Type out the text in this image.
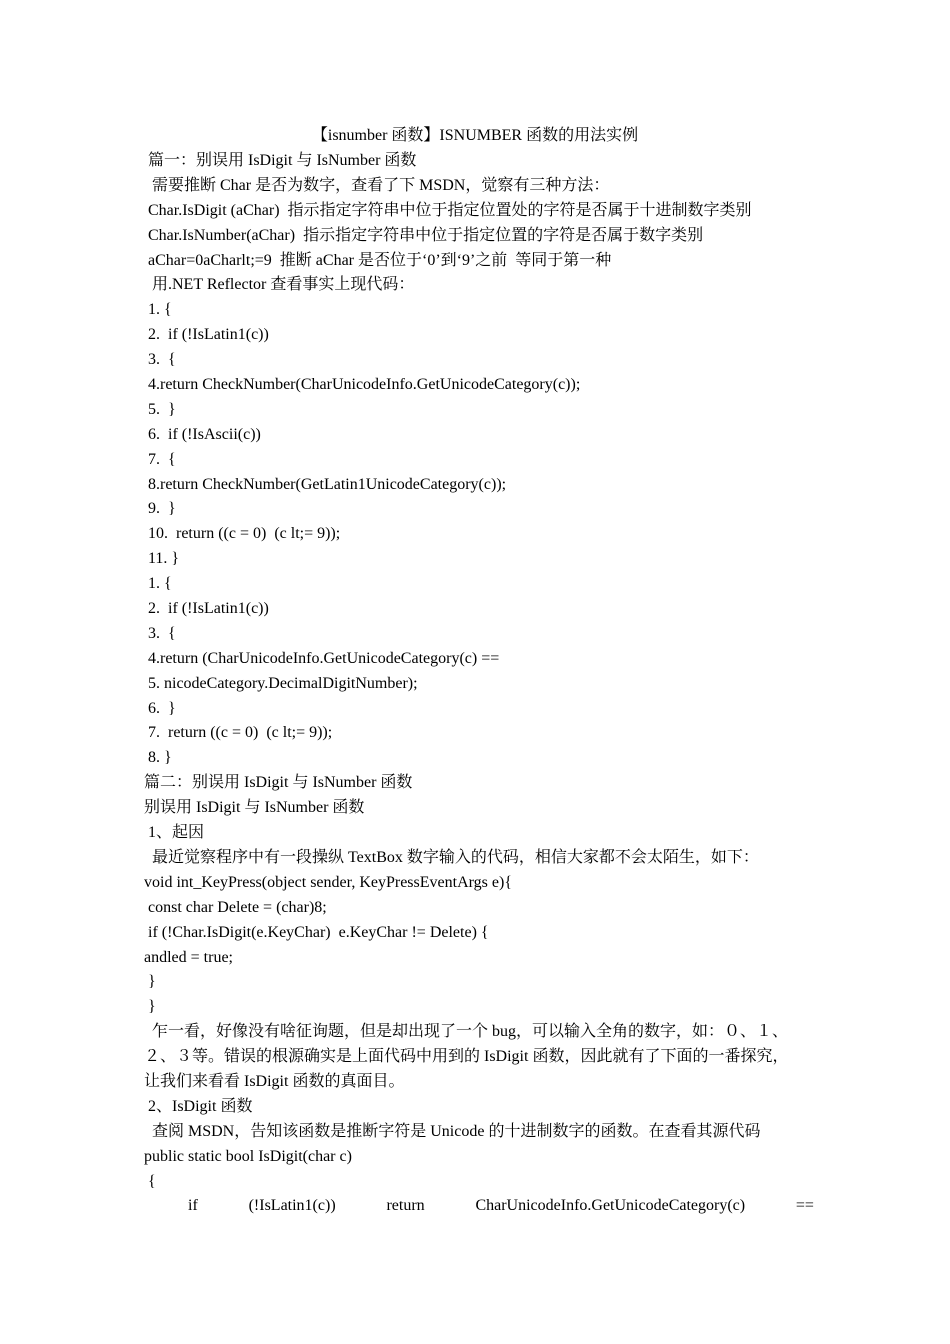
【isnumber 函数】ISNUMBER 函数的用法实例
篇一：别误用 IsDigit 与 IsNumber 函数
需要推断 Char 是否为数字，查看了下 MSDN，觉察有三种方法：
Char.IsDigit (aChar)  指示指定字符串中位于指定位置处的字符是否属于十进制数字类别
Char.IsNumber(aChar)  指示指定字符串中位于指定位置的字符是否属于数字类别
aChar=0aCharlt;=9  推断 aChar 是否位于‘0’到‘9’之前  等同于第一种
用.NET Reflector 查看事实上现代码：
1. {
2.  if (!IsLatin1(c))
3.  {
4.return CheckNumber(CharUnicodeInfo.GetUnicodeCategory(c));
5.  }
6.  if (!IsAscii(c))
7.  {
8.return CheckNumber(GetLatin1UnicodeCategory(c));
9.  }
10.  return ((c = 0)  (c lt;= 9));
11. }
1. {
2.  if (!IsLatin1(c))
3.  {
4.return (CharUnicodeInfo.GetUnicodeCategory(c) ==
5. nicodeCategory.DecimalDigitNumber);
6.  }
7.  return ((c = 0)  (c lt;= 9));
8. }
篇二：别误用 IsDigit 与 IsNumber 函数
别误用 IsDigit 与 IsNumber 函数
1、起因
最近觉察程序中有一段操纵 TextBox 数字输入的代码，相信大家都不会太陌生，如下：
void int_KeyPress(object sender, KeyPressEventArgs e){
const char Delete = (char)8;
if (!Char.IsDigit(e.KeyChar)  e.KeyChar != Delete) {
andled = true;
}
}
乍一看，好像没有啥征询题，但是却出现了一个 bug，可以输入全角的数字，如：０、１、
２、３等。错误的根源确实是上面代码中用到的 IsDigit 函数，因此就有了下面的一番探究，
让我们来看看 IsDigit 函数的真面目。
2、IsDigit 函数
查阅 MSDN，告知该函数是推断字符是 Unicode 的十进制数字的函数。在查看其源代码
public static bool IsDigit(char c)
{
if	(!IsLatin1(c))	return	CharUnicodeInfo.GetUnicodeCategory(c)	==
